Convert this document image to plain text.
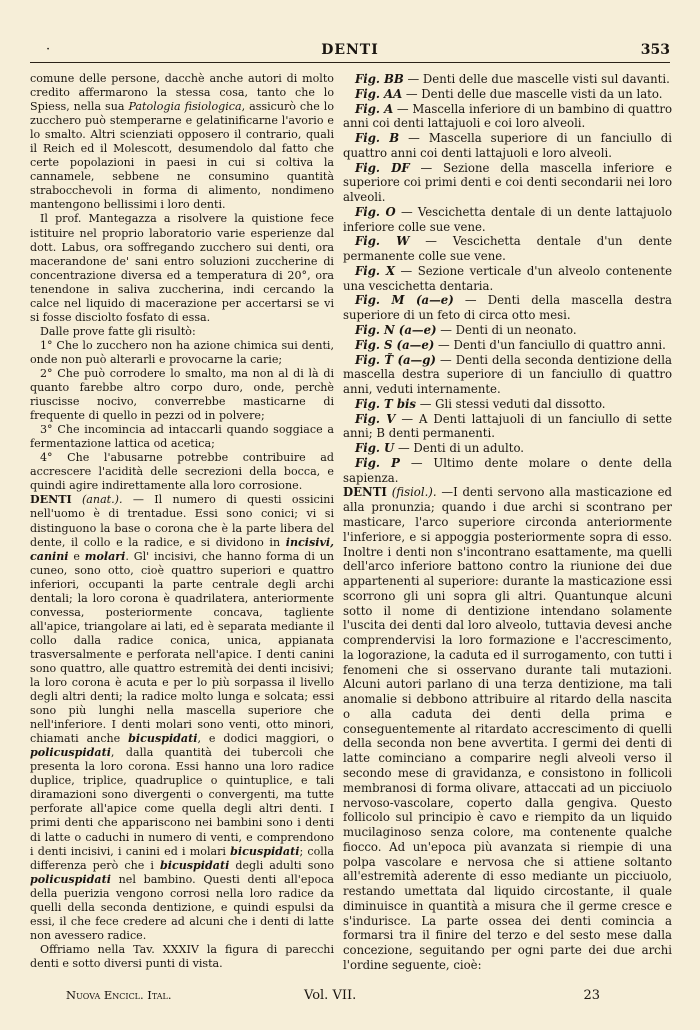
·	DENTI	353

comune delle persone, dacchè anche autori di molto credito affermarono la stessa cosa, tanto che lo Spiess, nella sua Patologia fisiologica, assicurò che lo zucchero può stemperarne e gelatinificarne l'avorio e lo smalto. Altri scienziati opposero il contrario, quali il Reich ed il Molescott, desumendolo dal fatto che certe popolazioni in paesi in cui si coltiva la cannamele, sebbene ne consumino quantità strabocchevoli in forma di alimento, nondimeno mantengono bellissimi i loro denti.

Il prof. Mantegazza a risolvere la quistione fece istituire nel proprio laboratorio varie esperienze dal dott. Labus, ora soffregando zucchero sui denti, ora macerandone de' sani entro soluzioni zuccherine di concentrazione diversa ed a temperatura di 20°, ora tenendone in saliva zuccherina, indi cercando la calce nel liquido di macerazione per accertarsi se vi si fosse disciolto fosfato di essa.

Dalle prove fatte gli risultò:

1° Che lo zucchero non ha azione chimica sui denti, onde non può alterarli e provocarne la carie;

2° Che può corrodere lo smalto, ma non al di là di quanto farebbe altro corpo duro, onde, perchè riuscisse nocivo, converrebbe masticarne di frequente di quello in pezzi od in polvere;

3° Che incomincia ad intaccarli quando soggiace a fermentazione lattica od acetica;

4° Che l'abusarne potrebbe contribuire ad accrescere l'acidità delle secrezioni della bocca, e quindi agire indirettamente alla loro corrosione.

DENTI (anat.). — Il numero di questi ossicini nell'uomo è di trentadue. Essi sono conici; vi si distinguono la base o corona che è la parte libera del dente, il collo e la radice, e si dividono in incisivi, canini e molari. Gl' incisivi, che hanno forma di un cuneo, sono otto, cioè quattro superiori e quattro inferiori, occupanti la parte centrale degli archi dentali; la loro corona è quadrilatera, anteriormente convessa, posteriormente concava, tagliente all'apice, triangolare ai lati, ed è separata mediante il collo dalla radice conica, unica, appianata trasversalmente e perforata nell'apice. I denti canini sono quattro, alle quattro estremità dei denti incisivi; la loro corona è acuta e per lo più sorpassa il livello degli altri denti; la radice molto lunga e solcata; essi sono più lunghi nella mascella superiore che nell'inferiore. I denti molari sono venti, otto minori, chiamati anche bicuspidati, e dodici maggiori, o policuspidati, dalla quantità dei tubercoli che presenta la loro corona. Essi hanno una loro radice duplice, triplice, quadruplice o quintuplice, e tali diramazioni sono divergenti o convergenti, ma tutte perforate all'apice come quella degli altri denti. I primi denti che appariscono nei bambini sono i denti di latte o caduchi in numero di venti, e comprendono i denti incisivi, i canini ed i molari bicuspidati; colla differenza però che i bicuspidati degli adulti sono policuspidati nel bambino. Questi denti all'epoca della puerizia vengono corrosi nella loro radice da quelli della seconda dentizione, e quindi espulsi da essi, il che fece credere ad alcuni che i denti di latte non avessero radice.

Offriamo nella Tav. XXXIV la figura di parecchi denti e sotto diversi punti di vista.

Fig. BB — Denti delle due mascelle visti sul davanti.

Fig. AA — Denti delle due mascelle visti da un lato.

Fig. A — Mascella inferiore di un bambino di quattro anni coi denti lattajuoli e coi loro alveoli.

Fig. B — Mascella superiore di un fanciullo di quattro anni coi denti lattajuoli e loro alveoli.

Fig. DF — Sezione della mascella inferiore e superiore coi primi denti e coi denti secondarii nei loro alveoli.

Fig. O — Vescichetta dentale di un dente lattajuolo inferiore colle sue vene.

Fig. W — Vescichetta dentale d'un dente permanente colle sue vene.

Fig. X — Sezione verticale d'un alveolo contenente una vescichetta dentaria.

Fig. M (a—e) — Denti della mascella destra superiore di un feto di circa otto mesi.

Fig. N (a—e) — Denti di un neonato.

Fig. S (a—e) — Denti d'un fanciullo di quattro anni.

Fig. T̃ (a—g) — Denti della seconda dentizione della mascella destra superiore di un fanciullo di quattro anni, veduti internamente.

Fig. T bis — Gli stessi veduti dal dissotto.

Fig. V — A Denti lattajuoli di un fanciullo di sette anni; B denti permanenti.

Fig. U — Denti di un adulto.

Fig. P — Ultimo dente molare o dente della sapienza.

DENTI (fisiol.). —I denti servono alla masticazione ed alla pronunzia; quando i due archi si scontrano per masticare, l'arco superiore circonda anteriormente l'inferiore, e si appoggia posteriormente sopra di esso. Inoltre i denti non s'incontrano esattamente, ma quelli dell'arco inferiore battono contro la riunione dei due appartenenti al superiore: durante la masticazione essi scorrono gli uni sopra gli altri. Quantunque alcuni sotto il nome di dentizione intendano solamente l'uscita dei denti dal loro alveolo, tuttavia devesi anche comprendervisi la loro formazione e l'accrescimento, la logorazione, la caduta ed il surrogamento, con tutti i fenomeni che si osservano durante tali mutazioni. Alcuni autori parlano di una terza dentizione, ma tali anomalie si debbono attribuire al ritardo della nascita o alla caduta dei denti della prima e conseguentemente al ritardato accrescimento di quelli della seconda non bene avvertita. I germi dei denti di latte cominciano a comparire negli alveoli verso il secondo mese di gravidanza, e consistono in follicoli membranosi di forma olivare, attaccati ad un picciuolo nervoso-vascolare, coperto dalla gengiva. Questo follicolo sul principio è cavo e riempito da un liquido mucilaginoso senza colore, ma contenente qualche fiocco. Ad un'epoca più avanzata si riempie di una polpa vascolare e nervosa che si attiene soltanto all'estremità aderente di esso mediante un picciuolo, restando umettata dal liquido circostante, il quale diminuisce in quantità a misura che il germe cresce e s'indurisce. La parte ossea dei denti comincia a formarsi tra il finire del terzo e del sesto mese dalla concezione, seguitando per ogni parte dei due archi l'ordine seguente, cioè:

Nuova Encicl. Ital.	Vol. VII.	23
